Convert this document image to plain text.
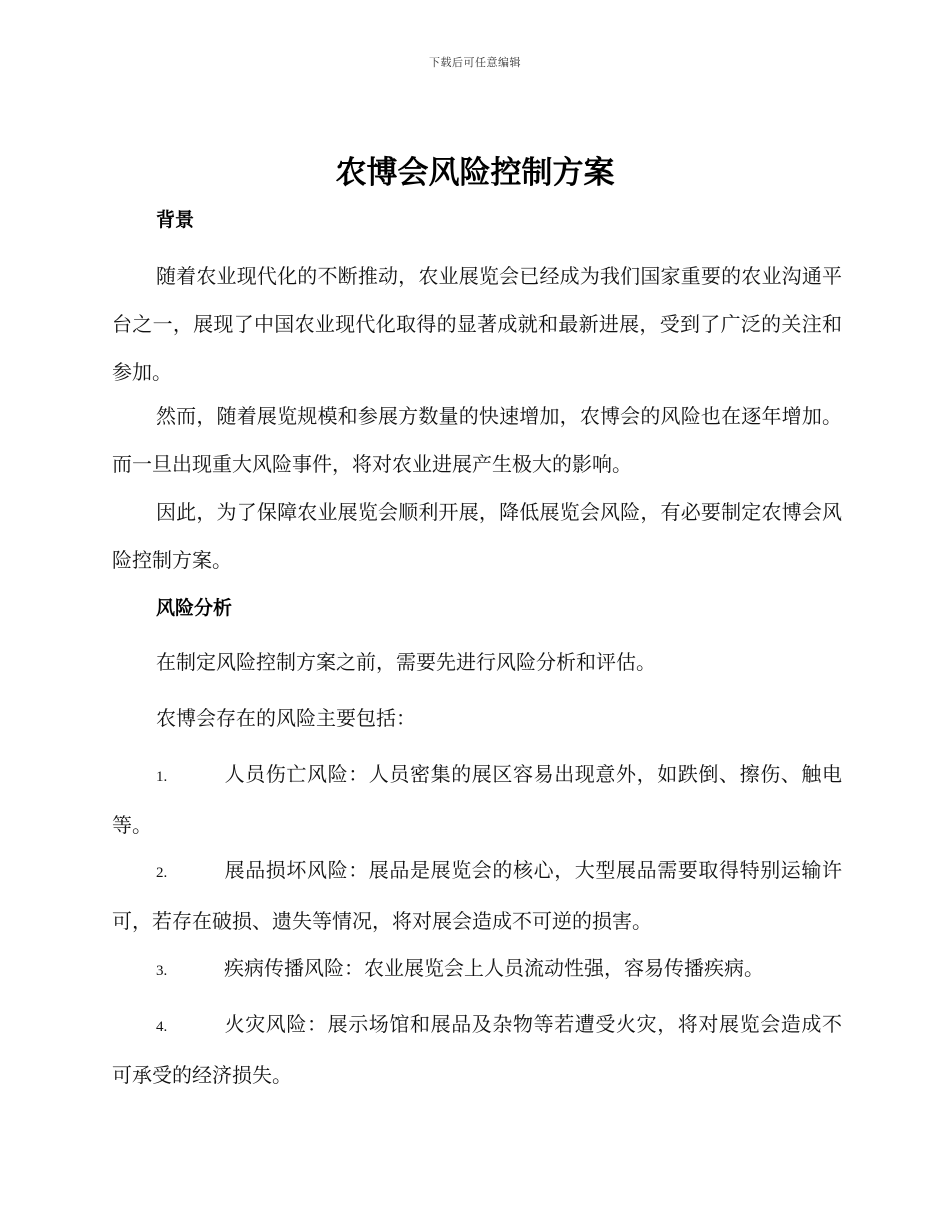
下载后可任意编辑
农博会风险控制方案
背景

随着农业现代化的不断推动，农业展览会已经成为我们国家重要的农业沟通平台之一，展现了中国农业现代化取得的显著成就和最新进展，受到了广泛的关注和参加。

然而，随着展览规模和参展方数量的快速增加，农博会的风险也在逐年增加。而一旦出现重大风险事件，将对农业进展产生极大的影响。

因此，为了保障农业展览会顺利开展，降低展览会风险，有必要制定农博会风险控制方案。

风险分析

在制定风险控制方案之前，需要先进行风险分析和评估。

农博会存在的风险主要包括：

1.	人员伤亡风险：人员密集的展区容易出现意外，如跌倒、擦伤、触电等。

2.	展品损坏风险：展品是展览会的核心，大型展品需要取得特别运输许可，若存在破损、遗失等情况，将对展会造成不可逆的损害。

3.	疾病传播风险：农业展览会上人员流动性强，容易传播疾病。

4.	火灾风险：展示场馆和展品及杂物等若遭受火灾，将对展览会造成不可承受的经济损失。
